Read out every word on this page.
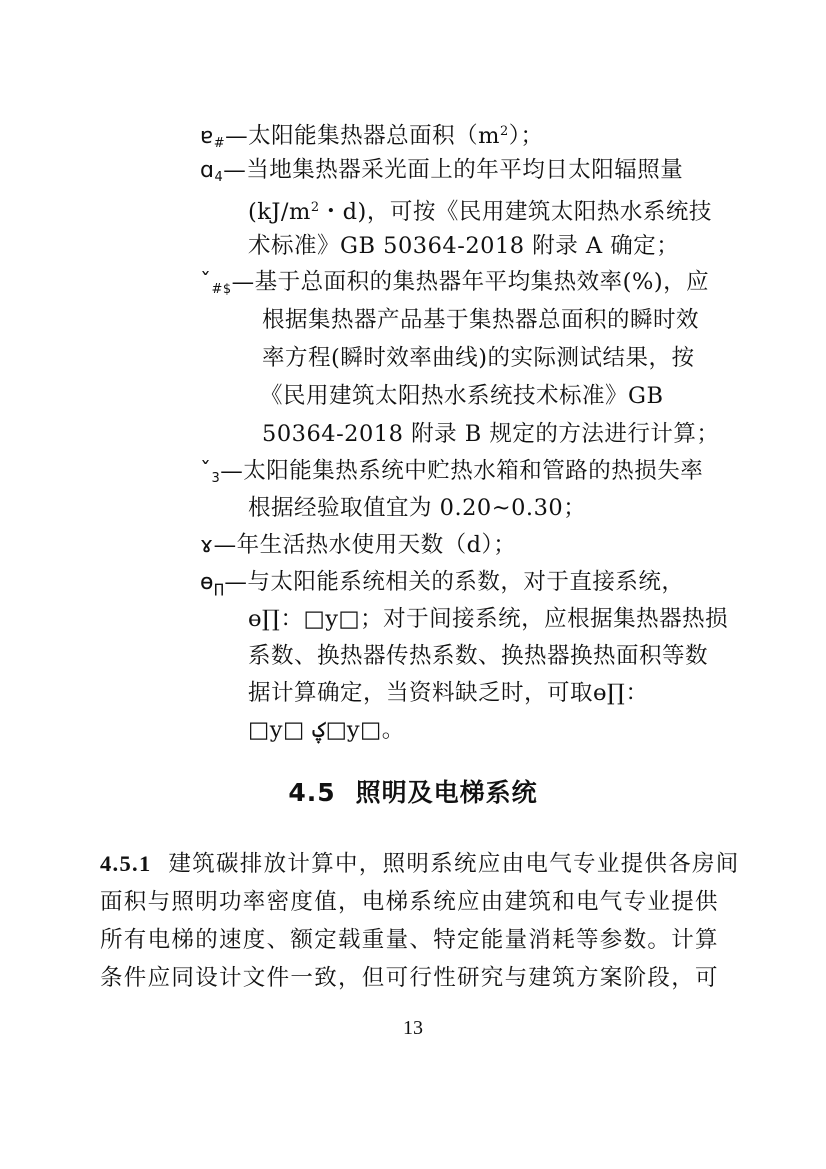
ɐ$_{\#}$—太阳能集热器总面积$(m^2)$；
ɑ$_4$—当地集热器采光面上的年平均日太阳辐照量
($kJ/m^2$・d)，可按《民用建筑太阳热水系统技
术标准》GB 50364-2018 附录 A 确定；
ˇ$_{\#\$}$—基于总面积的集热器年平均集热效率(%)，应
根据集热器产品基于集热器总面积的瞬时效
率方程(瞬时效率曲线)的实际测试结果，按
《民用建筑太阳热水系统技术标准》GB
50364-2018 附录 B 规定的方法进行计算；
ˇ$_3$—太阳能集热系统中贮热水箱和管路的热损失率
根据经验取值宜为 0.20~0.30；
ɤ—年生活热水使用天数（d）；
ɵ$_\prod$—与太阳能系统相关的系数，对于直接系统，
ɵ∏：□y□；对于间接系统，应根据集热器热损
系数、换热器传热系数、换热器换热面积等数
据计算确定，当资料缺乏时，可取ɵ∏：
□y□ ؼ□y□。
4.5 照明及电梯系统
4.5.1 建筑碳排放计算中，照明系统应由电气专业提供各房间
面积与照明功率密度值，电梯系统应由建筑和电气专业提供
所有电梯的速度、额定载重量、特定能量消耗等参数。计算
条件应同设计文件一致，但可行性研究与建筑方案阶段，可
13
